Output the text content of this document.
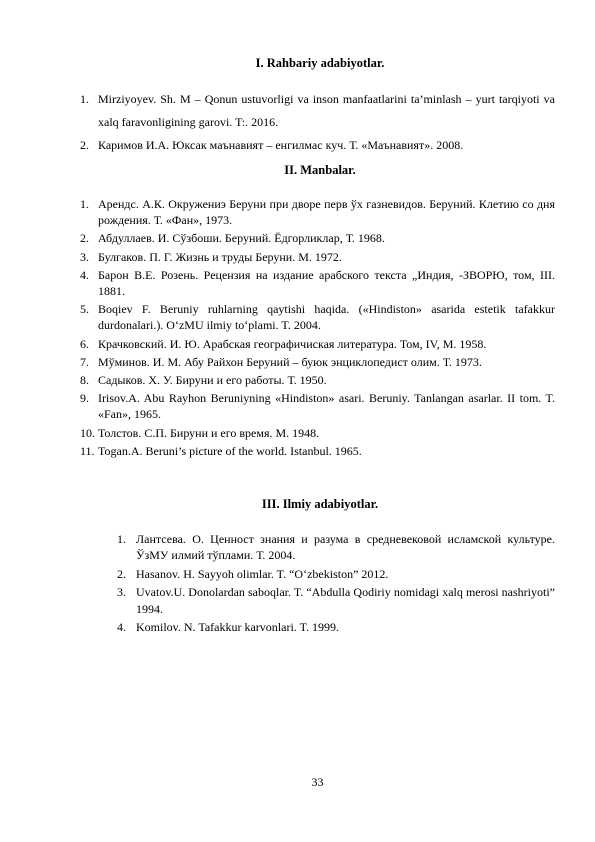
I. Rahbariy adabiyotlar.
1. Mirziyoyev. Sh. M – Qonun ustuvorligi va inson manfaatlarini ta’minlash – yurt tarqiyoti va xalq faravonligining garovi. T:. 2016.
2. Каримов И.А. Юксак маънавият – енгилмас куч. Т. «Маънавият». 2008.
II. Manbalar.
1. Арендс. А.К. Окружениэ Беруни при дворе перв ўх газневидов. Беруний. Клетию со дня рождения. Т. «Фан», 1973.
2. Абдуллаев. И. Сўзбоши. Беруний. Ёдгорликлар, Т. 1968.
3. Булгаков. П. Г. Жизнь и труды Беруни. М. 1972.
4. Барон В.Е. Розень. Рецензия на издание арабского текста „Индия, -ЗВОРЮ, том, III. 1881.
5. Boqiev F. Beruniy ruhlarning qaytishi haqida. («Hindiston» asarida estetik tafakkur durdonalari.). O‘zMU ilmiy to‘plami. T. 2004.
6. Крачковский. И. Ю. Арабская географичиская литература. Том, IV, М. 1958.
7. Мўминов. И. М. Абу Райхон Беруний – буюк энциклопедист олим. Т. 1973.
8. Садыков. Х. У. Бируни и его работы. Т. 1950.
9. Irisov.A. Abu Rayhon Beruniyning «Hindiston» asari. Beruniy. Tanlangan asarlar. II tom. T. «Fan», 1965.
10. Толстов. С.П. Бируни и его время. М. 1948.
11. Togan.A. Beruni’s picture of the world. Istanbul. 1965.
III. Ilmiy adabiyotlar.
1. Лантсева. О. Ценност знания и разума в средневековой исламской культуре. ЎзМУ илмий тўплами. Т. 2004.
2. Hasanov. H. Sayyoh olimlar. T. “O‘zbekiston” 2012.
3. Uvatov.U. Donolardan saboqlar. T. “Abdulla Qodiriy nomidagi xalq merosi nashriyoti” 1994.
4. Komilov. N. Tafakkur karvonlari. T. 1999.
33
